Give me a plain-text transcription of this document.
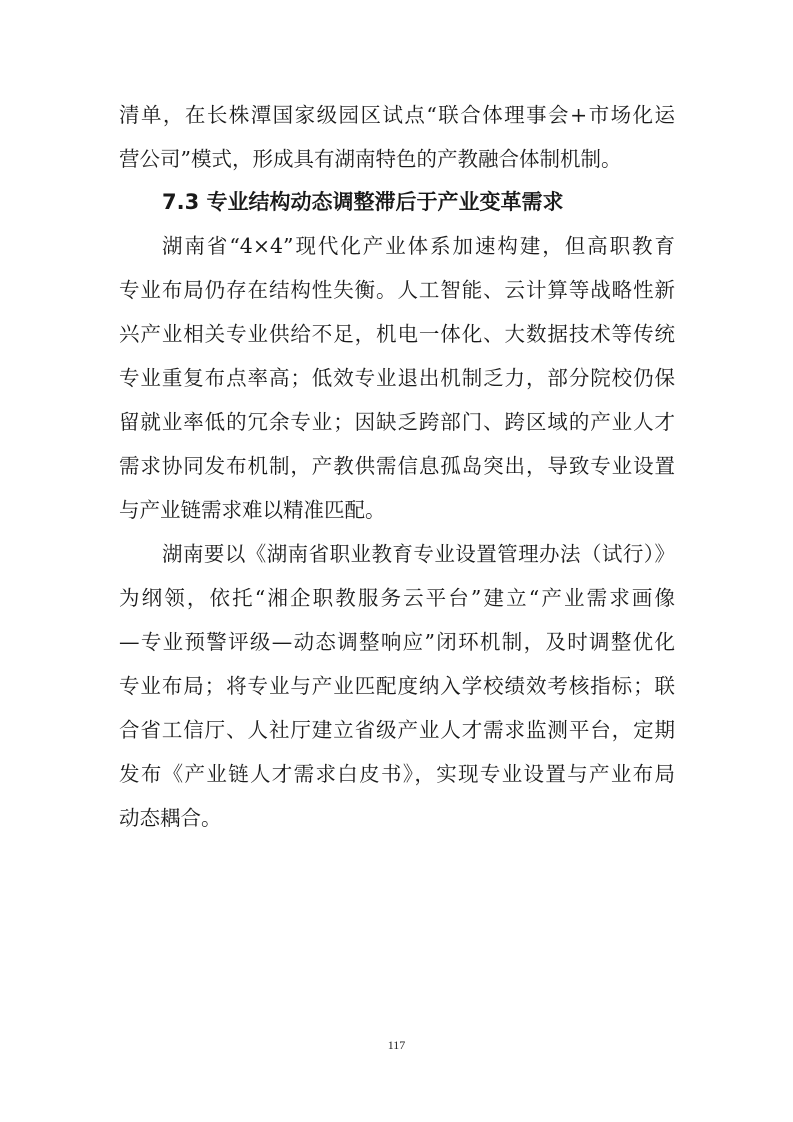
清单，在长株潭国家级园区试点“联合体理事会+市场化运
营公司”模式，形成具有湖南特色的产教融合体制机制。
7.3 专业结构动态调整滞后于产业变革需求
湖南省“4×4”现代化产业体系加速构建，但高职教育
专业布局仍存在结构性失衡。人工智能、云计算等战略性新
兴产业相关专业供给不足，机电一体化、大数据技术等传统
专业重复布点率高；低效专业退出机制乏力，部分院校仍保
留就业率低的冗余专业；因缺乏跨部门、跨区域的产业人才
需求协同发布机制，产教供需信息孤岛突出，导致专业设置
与产业链需求难以精准匹配。
湖南要以《湖南省职业教育专业设置管理办法（试行）》
为纲领，依托“湘企职教服务云平台”建立“产业需求画像
—专业预警评级—动态调整响应”闭环机制，及时调整优化
专业布局；将专业与产业匹配度纳入学校绩效考核指标；联
合省工信厅、人社厅建立省级产业人才需求监测平台，定期
发布《产业链人才需求白皮书》，实现专业设置与产业布局
动态耦合。
117
